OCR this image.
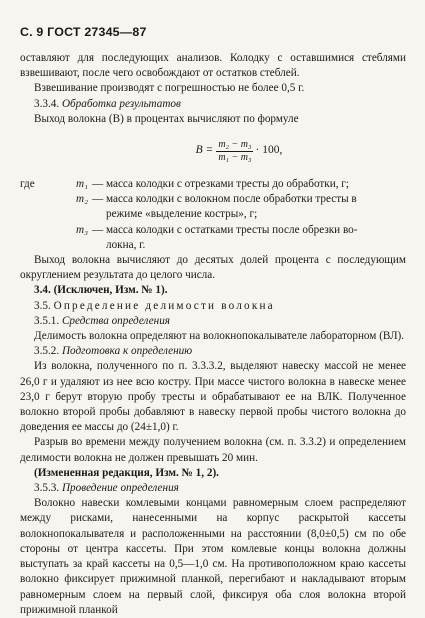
С. 9 ГОСТ 27345—87

оставляют для последующих анализов. Колодку с оставшимися стеблями взвешивают, после чего освобождают от остатков стеблей.

Взвешивание производят с погрешностью не более 0,5 г.

3.3.4. Обработка результатов

Выход волокна (B) в процентах вычисляют по формуле

$B = \frac{\text{m₂ − m₃}}{\text{m₁ − m₃}} \cdot 100$,
где	m₁ — масса колодки с отрезками тресты до обработки, г;
m₂ — масса колодки с волокном после обработки тресты в

режиме «выделение костры», г;

m₃ — масса колодки с остатками тресты после обрезки во-

локна, г.

Выход волокна вычисляют до десятых долей процента с последующим округлением результата до целого числа.

3.4. (Исключен, Изм. № 1).

3.5. Определение делимости волокна

3.5.1. Средства определения

Делимость волокна определяют на волокнопокалывателе лабораторном (ВЛ).

3.5.2. Подготовка к определению

Из волокна, полученного по п. 3.3.3.2, выделяют навеску массой не менее 26,0 г и удаляют из нее всю костру. При массе чистого волокна в навеске менее 23,0 г берут вторую пробу тресты и обрабатывают ее на ВЛК. Полученное волокно второй пробы добавляют в навеску первой пробы чистого волокна до доведения ее массы до (24±1,0) г.

Разрыв во времени между получением волокна (см. п. 3.3.2) и определением делимости волокна не должен превышать 20 мин.

(Измененная редакция, Изм. № 1, 2).

3.5.3. Проведение определения

Волокно навески комлевыми концами равномерным слоем распределяют между рисками, нанесенными на корпус раскрытой кассеты волокнопокалывателя и расположенными на расстоянии (8,0±0,5) см по обе стороны от центра кассеты. При этом комлевые концы волокна должны выступать за край кассеты на 0,5—1,0 см. На противоположном краю кассеты волокно фиксирует прижимной планкой, перегибают и накладывают вторым равномерным слоем на первый слой, фиксируя оба слоя волокна второй прижимной планкой
